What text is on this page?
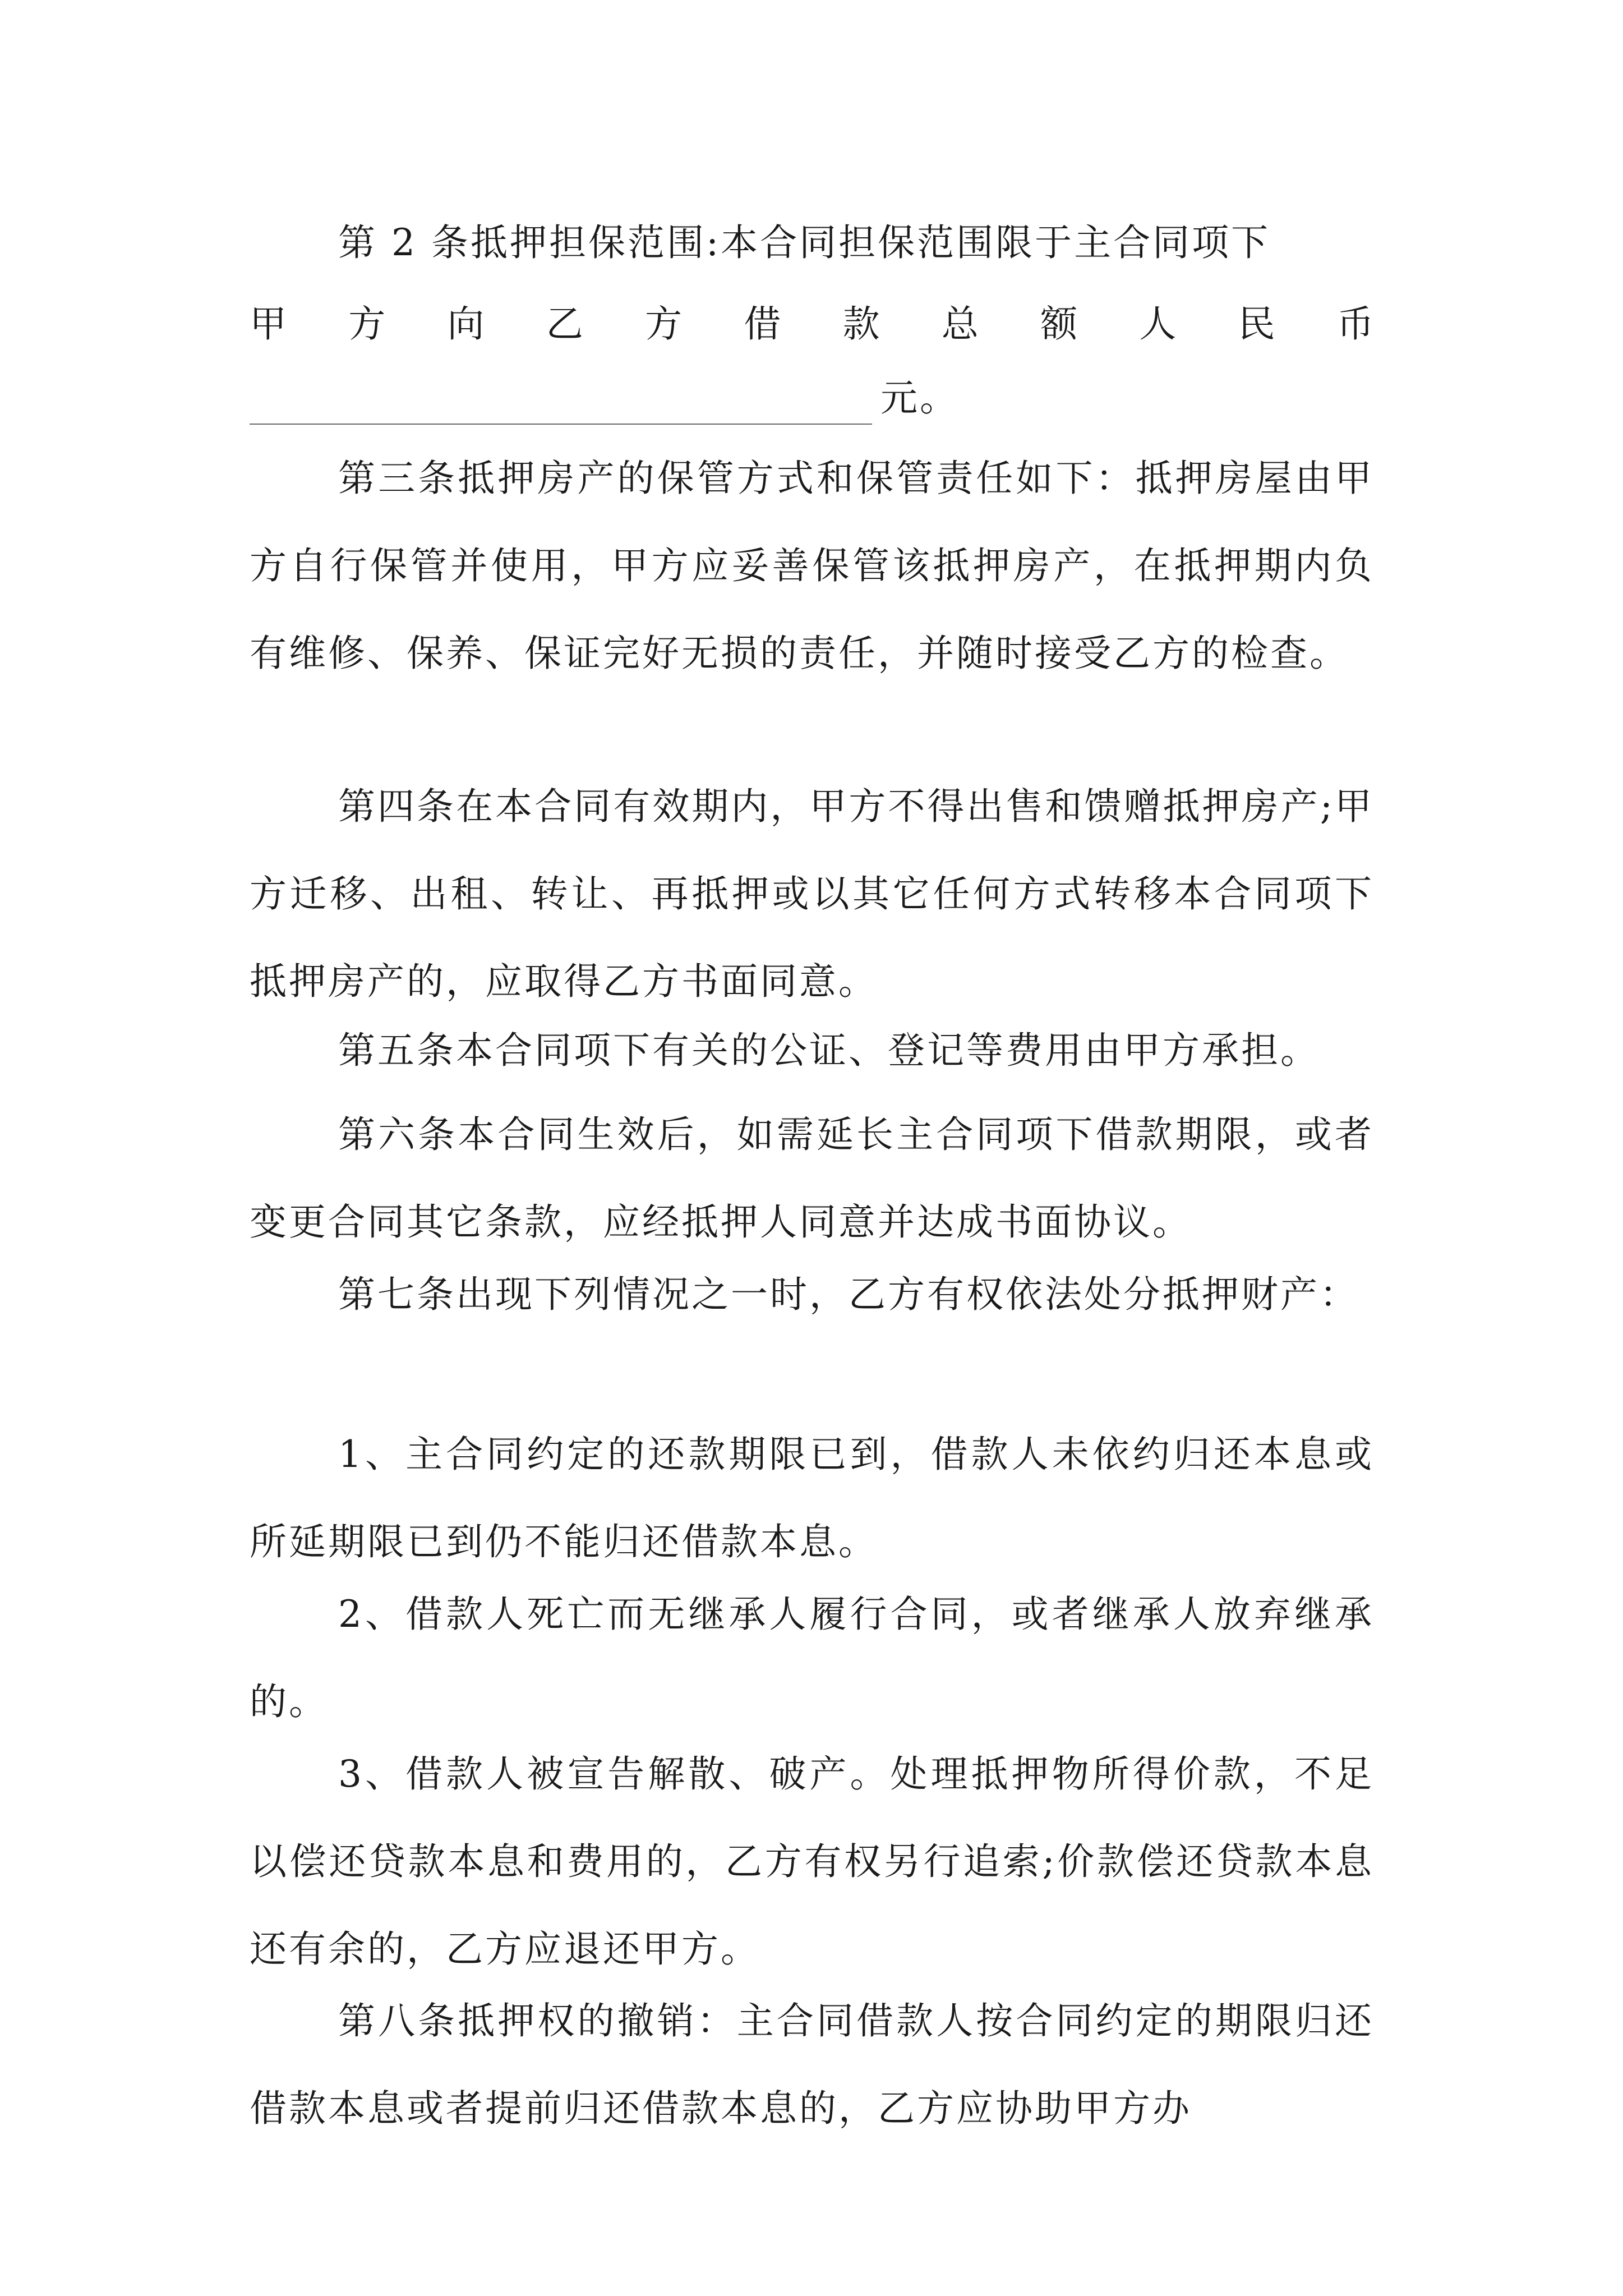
第 2 条抵押担保范围:本合同担保范围限于主合同项下

甲 方 向 乙 方 借 款 总 额 人 民 币
元。

第三条抵押房产的保管方式和保管责任如下：抵押房屋由甲方自行保管并使用，甲方应妥善保管该抵押房产，在抵押期内负有维修、保养、保证完好无损的责任，并随时接受乙方的检查。

第四条在本合同有效期内，甲方不得出售和馈赠抵押房产;甲方迁移、出租、转让、再抵押或以其它任何方式转移本合同项下抵押房产的，应取得乙方书面同意。

第五条本合同项下有关的公证、登记等费用由甲方承担。

第六条本合同生效后，如需延长主合同项下借款期限，或者变更合同其它条款，应经抵押人同意并达成书面协议。

第七条出现下列情况之一时，乙方有权依法处分抵押财产：

1、主合同约定的还款期限已到，借款人未依约归还本息或所延期限已到仍不能归还借款本息。

2、借款人死亡而无继承人履行合同，或者继承人放弃继承的。

3、借款人被宣告解散、破产。处理抵押物所得价款，不足以偿还贷款本息和费用的，乙方有权另行追索;价款偿还贷款本息还有余的，乙方应退还甲方。

第八条抵押权的撤销：主合同借款人按合同约定的期限归还借款本息或者提前归还借款本息的，乙方应协助甲方办
